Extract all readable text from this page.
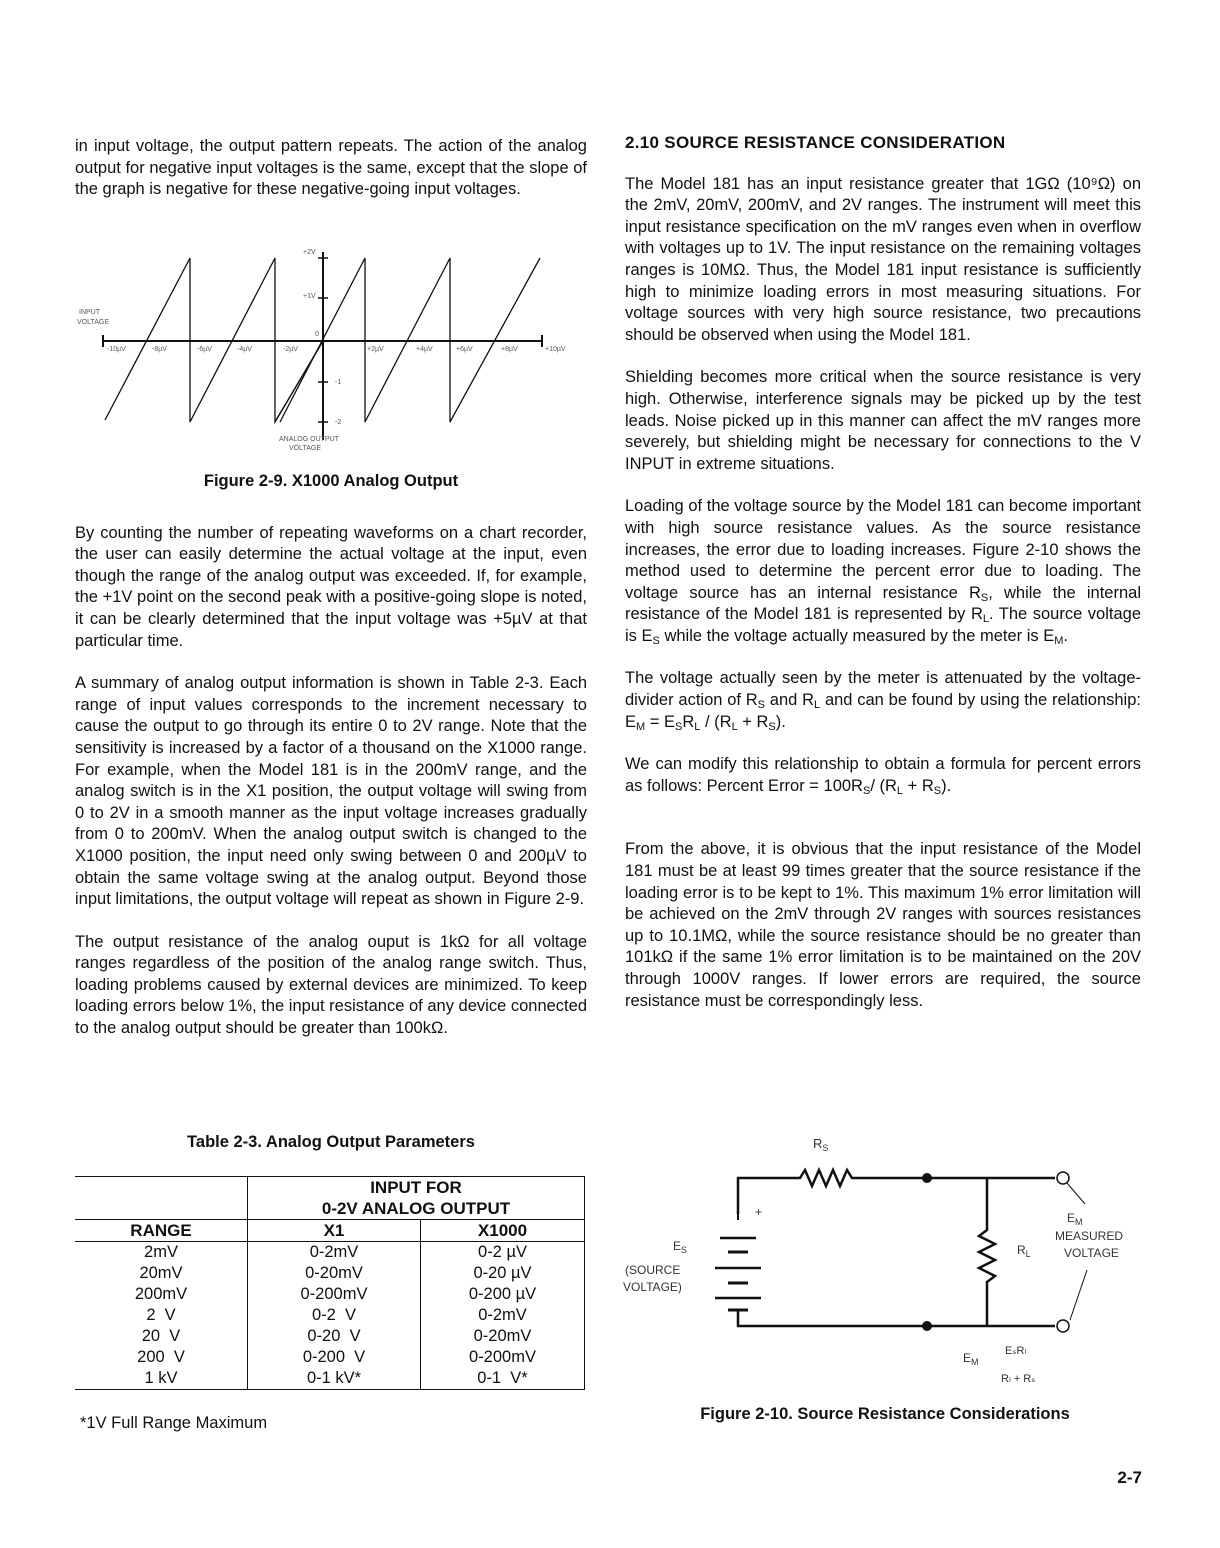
in input voltage, the output pattern repeats. The action of the analog output for negative input voltages is the same, except that the slope of the graph is negative for these negative-going input voltages.

+2V
+1V
0
-1
-2
INPUT
VOLTAGE
ANALOG OUTPUT
VOLTAGE
-10µV	-8µV	-6µV	-4µV	-2µV	+2µV	+4µV	+6µV	+8µV	+10µV

Figure 2-9. X1000 Analog Output

By counting the number of repeating waveforms on a chart recorder, the user can easily determine the actual voltage at the input, even though the range of the analog output was exceeded. If, for example, the +1V point on the second peak with a positive-going slope is noted, it can be clearly determined that the input voltage was +5µV at that particular time.

A summary of analog output information is shown in Table 2-3. Each range of input values corresponds to the increment necessary to cause the output to go through its entire 0 to 2V range. Note that the sensitivity is increased by a factor of a thousand on the X1000 range. For example, when the Model 181 is in the 200mV range, and the analog switch is in the X1 position, the output voltage will swing from 0 to 2V in a smooth manner as the input voltage increases gradually from 0 to 200mV. When the analog output switch is changed to the X1000 position, the input need only swing between 0 and 200µV to obtain the same voltage swing at the analog output. Beyond those input limitations, the output voltage will repeat as shown in Figure 2-9.

The output resistance of the analog ouput is 1kΩ for all voltage ranges regardless of the position of the analog range switch. Thus, loading problems caused by external devices are minimized. To keep loading errors below 1%, the input resistance of any device connected to the analog output should be greater than 100kΩ.

Table 2-3. Analog Output Parameters
	INPUT FOR	
	0-2V ANALOG OUTPUT	
RANGE	X1	X1000
2mV	0-2mV	0-2 µV
20mV	0-20mV	0-20 µV
200mV	0-200mV	0-200 µV
2  V	0-2  V	0-2mV
20  V	0-20  V	0-20mV
200  V	0-200  V	0-200mV
1 kV	0-1 kV*	0-1  V*
*1V Full Range Maximum
2.10 SOURCE RESISTANCE CONSIDERATION

The Model 181 has an input resistance greater that 1GΩ (10⁹Ω) on the 2mV, 20mV, 200mV, and 2V ranges. The instrument will meet this input resistance specification on the mV ranges even when in overflow with voltages up to 1V. The input resistance on the remaining voltages ranges is 10MΩ. Thus, the Model 181 input resistance is sufficiently high to minimize loading errors in most measuring situations. For voltage sources with very high source resistance, two precautions should be observed when using the Model 181.

Shielding becomes more critical when the source resistance is very high. Otherwise, interference signals may be picked up by the test leads. Noise picked up in this manner can affect the mV ranges more severely, but shielding might be necessary for connections to the V INPUT in extreme situations.

Loading of the voltage source by the Model 181 can become important with high source resistance values. As the source resistance increases, the error due to loading increases. Figure 2-10 shows the method used to determine the percent error due to loading. The voltage source has an internal resistance $R_S$, while the internal resistance of the Model 181 is represented by $R_L$. The source voltage is $E_S$ while the voltage actually measured by the meter is $E_M$.

The voltage actually seen by the meter is attenuated by the voltage-divider action of $R_S$ and $R_L$ and can be found by using the relationship: $E_M = E_SR_L / (R_L + R_S)$.

We can modify this relationship to obtain a formula for percent errors as follows: Percent Error = $100R_S/$ $(R_L + R_S)$.

From the above, it is obvious that the input resistance of the Model 181 must be at least 99 times greater that the source resistance if the loading error is to be kept to 1%. This maximum 1% error limitation will be achieved on the 2mV through 2V ranges with sources resistances up to 10.1MΩ, while the source resistance should be no greater than 101kΩ if the same 1% error limitation is to be maintained on the 20V through 1000V ranges. If lower errors are required, the source resistance must be correspondingly less.

$R_S$
+
$E_S$
(SOURCE
VOLTAGE)
$R_L$
$E_M$
MEASURED
VOLTAGE
$E_M$
EₛRₗ
Rₗ + Rₛ
Figure 2-10. Source Resistance Considerations
2-7
